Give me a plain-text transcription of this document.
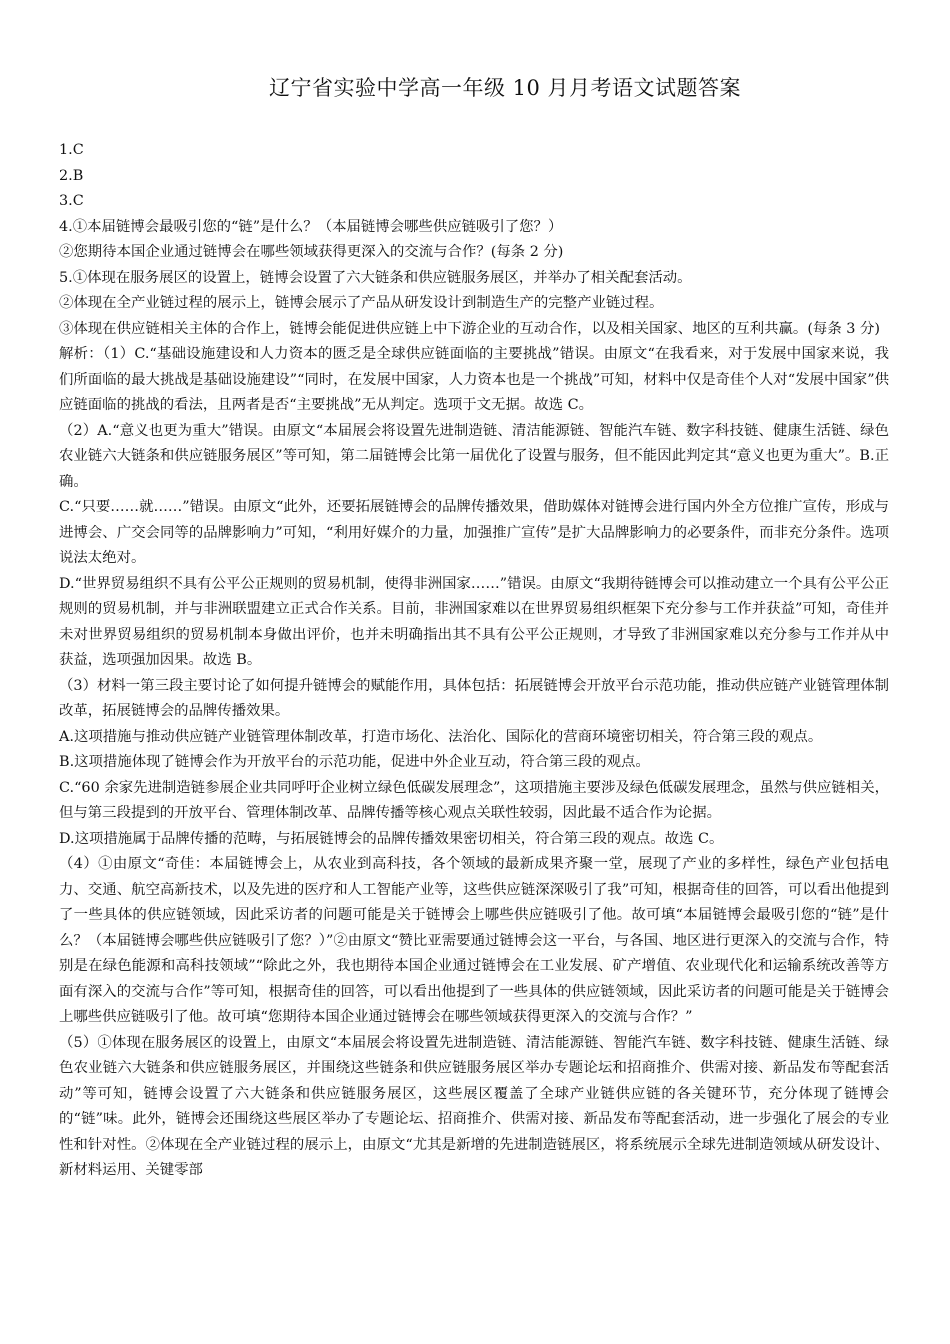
辽宁省实验中学高一年级 10 月月考语文试题答案

1.C

2.B

3.C

4.①本届链博会最吸引您的“链”是什么？（本届链博会哪些供应链吸引了您？）

②您期待本国企业通过链博会在哪些领域获得更深入的交流与合作？(每条 2 分)

5.①体现在服务展区的设置上，链博会设置了六大链条和供应链服务展区，并举办了相关配套活动。

②体现在全产业链过程的展示上，链博会展示了产品从研发设计到制造生产的完整产业链过程。

③体现在供应链相关主体的合作上，链博会能促进供应链上中下游企业的互动合作，以及相关国家、地区的互利共赢。(每条 3 分)

解析：（1）C.“基础设施建设和人力资本的匮乏是全球供应链面临的主要挑战”错误。由原文“在我看来，对于发展中国家来说，我们所面临的最大挑战是基础设施建设”“同时，在发展中国家，人力资本也是一个挑战”可知，材料中仅是奇佳个人对“发展中国家”供应链面临的挑战的看法，且两者是否“主要挑战”无从判定。选项于文无据。故选 C。

（2）A.“意义也更为重大”错误。由原文“本届展会将设置先进制造链、清洁能源链、智能汽车链、数字科技链、健康生活链、绿色农业链六大链条和供应链服务展区”等可知，第二届链博会比第一届优化了设置与服务，但不能因此判定其“意义也更为重大”。B.正确。

C.“只要……就……”错误。由原文“此外，还要拓展链博会的品牌传播效果，借助媒体对链博会进行国内外全方位推广宣传，形成与进博会、广交会同等的品牌影响力”可知，“利用好媒介的力量，加强推广宣传”是扩大品牌影响力的必要条件，而非充分条件。选项说法太绝对。

D.“世界贸易组织不具有公平公正规则的贸易机制，使得非洲国家……”错误。由原文“我期待链博会可以推动建立一个具有公平公正规则的贸易机制，并与非洲联盟建立正式合作关系。目前，非洲国家难以在世界贸易组织框架下充分参与工作并获益”可知，奇佳并未对世界贸易组织的贸易机制本身做出评价，也并未明确指出其不具有公平公正规则，才导致了非洲国家难以充分参与工作并从中获益，选项强加因果。故选 B。

（3）材料一第三段主要讨论了如何提升链博会的赋能作用，具体包括：拓展链博会开放平台示范功能，推动供应链产业链管理体制改革，拓展链博会的品牌传播效果。

A.这项措施与推动供应链产业链管理体制改革，打造市场化、法治化、国际化的营商环境密切相关，符合第三段的观点。

B.这项措施体现了链博会作为开放平台的示范功能，促进中外企业互动，符合第三段的观点。

C.“60 余家先进制造链参展企业共同呼吁企业树立绿色低碳发展理念”，这项措施主要涉及绿色低碳发展理念，虽然与供应链相关，但与第三段提到的开放平台、管理体制改革、品牌传播等核心观点关联性较弱，因此最不适合作为论据。

D.这项措施属于品牌传播的范畴，与拓展链博会的品牌传播效果密切相关，符合第三段的观点。故选 C。

（4）①由原文“奇佳：本届链博会上，从农业到高科技，各个领域的最新成果齐聚一堂，展现了产业的多样性，绿色产业包括电力、交通、航空高新技术，以及先进的医疗和人工智能产业等，这些供应链深深吸引了我”可知，根据奇佳的回答，可以看出他提到了一些具体的供应链领域，因此采访者的问题可能是关于链博会上哪些供应链吸引了他。故可填“本届链博会最吸引您的“链”是什么？（本届链博会哪些供应链吸引了您？）”②由原文“赞比亚需要通过链博会这一平台，与各国、地区进行更深入的交流与合作，特别是在绿色能源和高科技领域”“除此之外，我也期待本国企业通过链博会在工业发展、矿产增值、农业现代化和运输系统改善等方面有深入的交流与合作”等可知，根据奇佳的回答，可以看出他提到了一些具体的供应链领域，因此采访者的问题可能是关于链博会上哪些供应链吸引了他。故可填“您期待本国企业通过链博会在哪些领域获得更深入的交流与合作？”

（5）①体现在服务展区的设置上，由原文“本届展会将设置先进制造链、清洁能源链、智能汽车链、数字科技链、健康生活链、绿色农业链六大链条和供应链服务展区，并围绕这些链条和供应链服务展区举办专题论坛和招商推介、供需对接、新品发布等配套活动”等可知，链博会设置了六大链条和供应链服务展区，这些展区覆盖了全球产业链供应链的各关键环节，充分体现了链博会的“链”味。此外，链博会还围绕这些展区举办了专题论坛、招商推介、供需对接、新品发布等配套活动，进一步强化了展会的专业性和针对性。②体现在全产业链过程的展示上，由原文“尤其是新增的先进制造链展区，将系统展示全球先进制造领域从研发设计、新材料运用、关键零部
